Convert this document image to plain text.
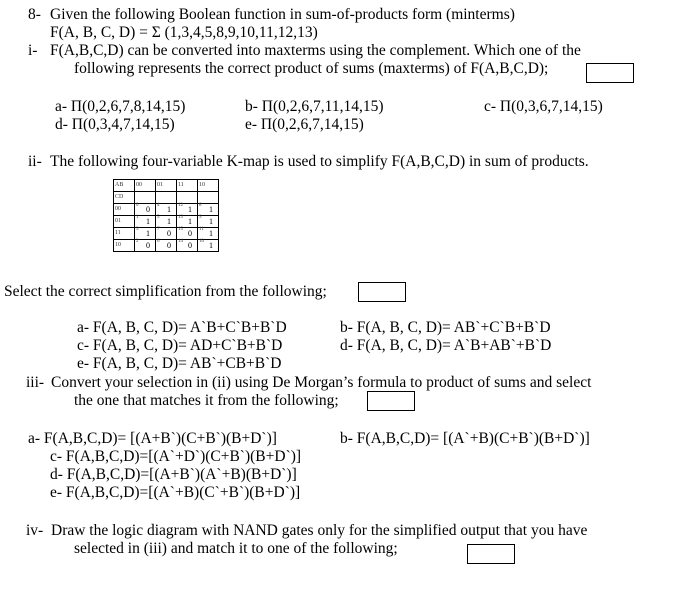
8- Given the following Boolean function in sum-of-products form (minterms)
F(A, B, C, D) = Σ (1,3,4,5,8,9,10,11,12,13)
i- F(A,B,C,D) can be converted into maxterms using the complement. Which one of the
following represents the correct product of sums (maxterms) of F(A,B,C,D);
a- Π(0,2,6,7,8,14,15)	b- Π(0,2,6,7,11,14,15)	c- Π(0,3,6,7,14,15)
d- Π(0,3,4,7,14,15)	e- Π(0,2,6,7,14,15)
ii- The following four-variable K-map is used to simplify F(A,B,C,D) in sum of products.
AB	00	01	11	10
CD				
00	0 0	4 1	12 1	8 1
01	1 1	5 1	13 1	9 1
11	3 1	7 0	15 0	11 1
10	2 0	6 0	14 0	10 1
Select the correct simplification from the following;
a- F(A, B, C, D)= A`B+C`B+B`D	b- F(A, B, C, D)= AB`+C`B+B`D
c- F(A, B, C, D)= AD+C`B+B`D	d- F(A, B, C, D)= A`B+AB`+B`D
e- F(A, B, C, D)= AB`+CB+B`D
iii- Convert your selection in (ii) using De Morgan’s formula to product of sums and select
the one that matches it from the following;
a- F(A,B,C,D)= [(A+B`)(C+B`)(B+D`)]	b- F(A,B,C,D)= [(A`+B)(C+B`)(B+D`)]
c- F(A,B,C,D)=[(A`+D`)(C+B`)(B+D`)]
d- F(A,B,C,D)=[(A+B`)(A`+B)(B+D`)]
e- F(A,B,C,D)=[(A`+B)(C`+B`)(B+D`)]
iv- Draw the logic diagram with NAND gates only for the simplified output that you have
selected in (iii) and match it to one of the following;
